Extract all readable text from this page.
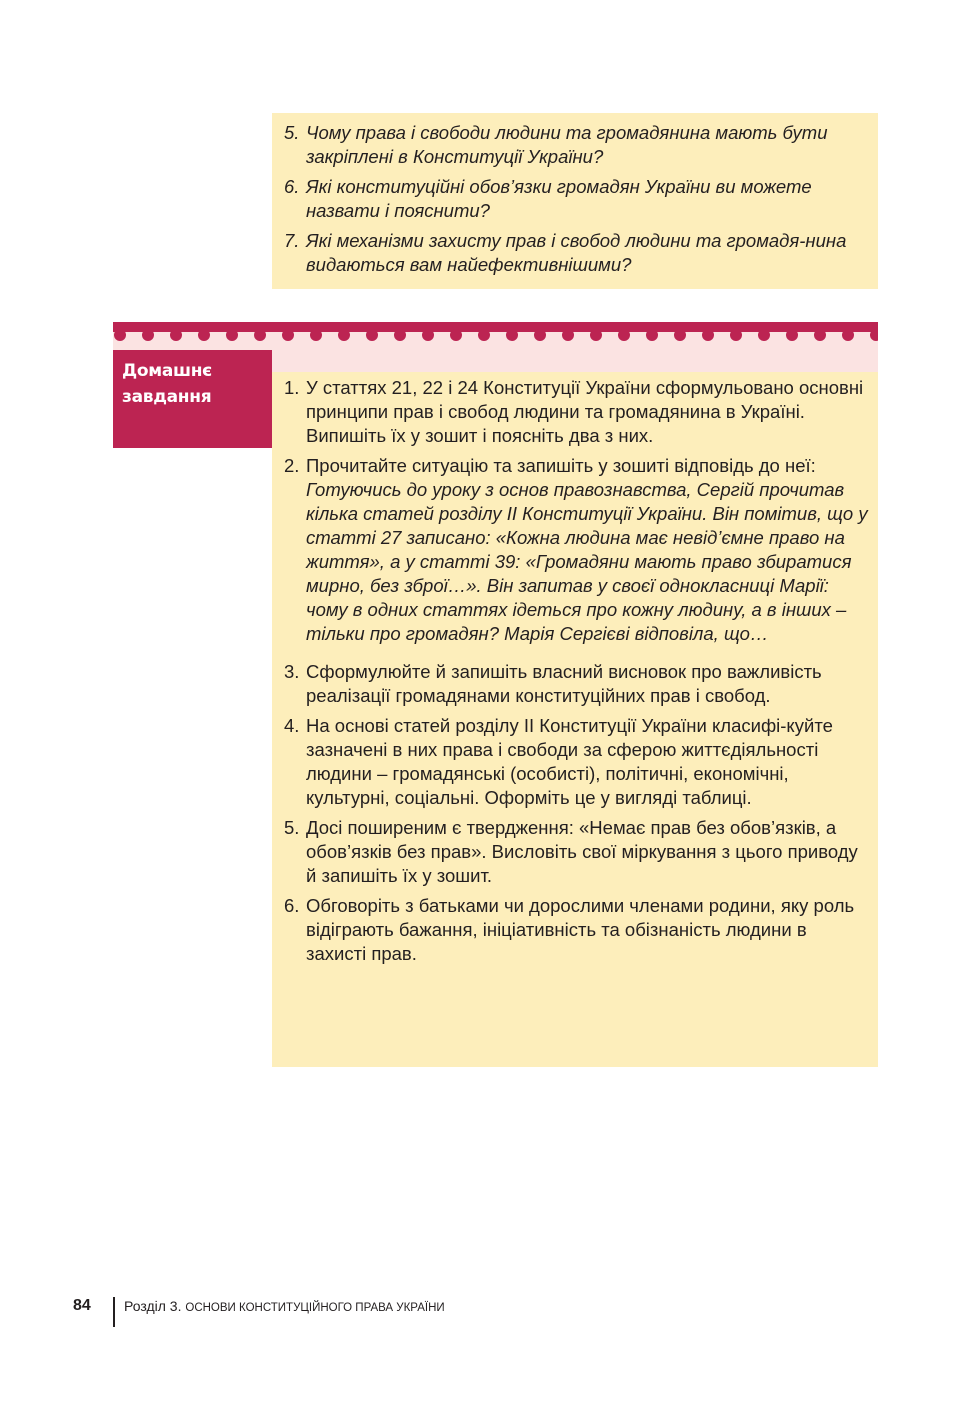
5. Чому права і свободи людини та громадянина мають бути закріплені в Конституції України?
6. Які конституційні обов’язки громадян України ви можете назвати і пояснити?
7. Які механізми захисту прав і свобод людини та громадя-нина видаються вам найефективнішими?
Домашнє
завдання	1. У статтях 21, 22 і 24 Конституції України сформульовано основні принципи прав і свобод людини та громадянина в Україні. Випишіть їх у зошит і поясніть два з них.
2. Прочитайте ситуацію та запишіть у зошиті відповідь до неї:
Готуючись до уроку з основ правознавства, Сергій прочитав кілька статей розділу ІІ Конституції України. Він помітив, що у статті 27 записано: «Кожна людина має невід’ємне право на життя», а у статті 39: «Громадяни мають право збиратися мирно, без зброї…». Він запитав у своєї однокласниці Марії: чому в одних статтях ідеться про кожну людину, а в інших – тільки про громадян? Марія Сергієві відповіла, що…
3. Сформулюйте й запишіть власний висновок про важливість реалізації громадянами конституційних прав і свобод.
4. На основі статей розділу ІІ Конституції України класифі-куйте зазначені в них права і свободи за сферою життєдіяльності людини – громадянські (особисті), політичні, економічні, культурні, соціальні. Оформіть це у вигляді таблиці.
5. Досі поширеним є твердження: «Немає прав без обов’язків, а обов’язків без прав». Висловіть свої міркування з цього приводу й запишіть їх у зошит.
6. Обговоріть з батьками чи дорослими членами родини, яку роль відіграють бажання, ініціативність та обізнаність людини в захисті прав.
84 Розділ 3. ОСНОВИ КОНСТИТУЦІЙНОГО ПРАВА УКРАЇНИ
